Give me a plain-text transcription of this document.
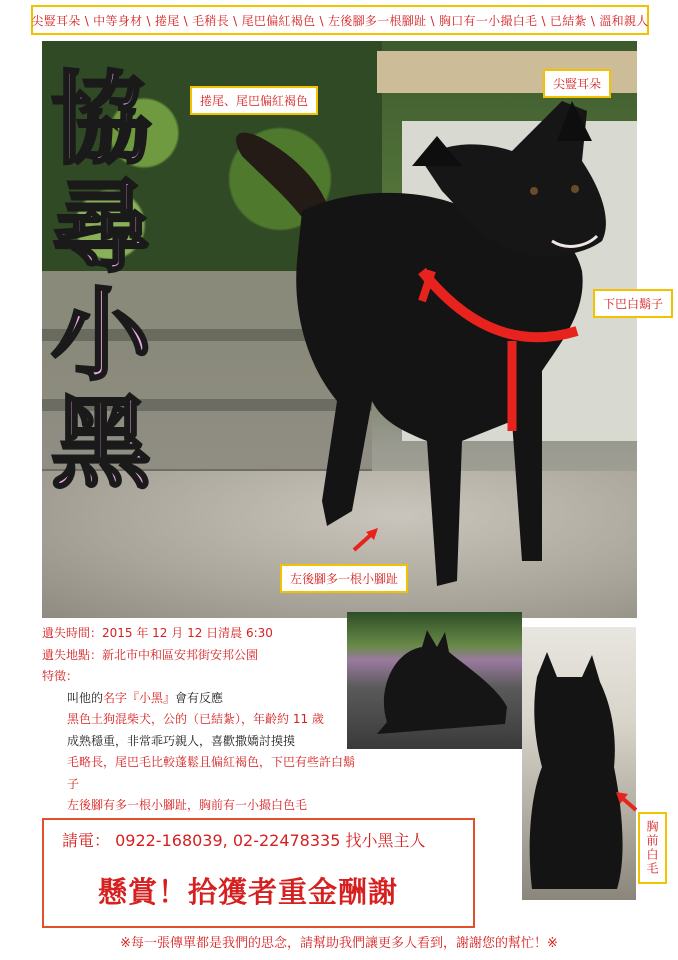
尖豎耳朵 \ 中等身材 \ 捲尾 \ 毛稍長 \ 尾巴偏紅褐色 \ 左後腳多一根腳趾 \ 胸口有一小撮白毛 \ 已結紮 \ 溫和親人
協
尋
小
黑
捲尾、尾巴偏紅褐色
尖豎耳朵
下巴白鬍子
左後腳多一根小腳趾
遺失時間：2015 年 12 月 12 日清晨 6:30
遺失地點：新北市中和區安邦街安邦公園
特徵：
叫他的名字『小黑』會有反應
黑色土狗混柴犬，公的（已結紮），年齡約 11 歲
成熟穩重，非常乖巧親人，喜歡撒嬌討摸摸
毛略長，尾巴毛比較蓬鬆且偏紅褐色，下巴有些許白鬍子
左後腳有多一根小腳趾，胸前有一小撮白色毛
胸前白毛
請電： 0922-168039, 02-22478335 找小黑主人
懸賞！拾獲者重金酬謝
※每一張傳單都是我們的思念，請幫助我們讓更多人看到，謝謝您的幫忙！※
